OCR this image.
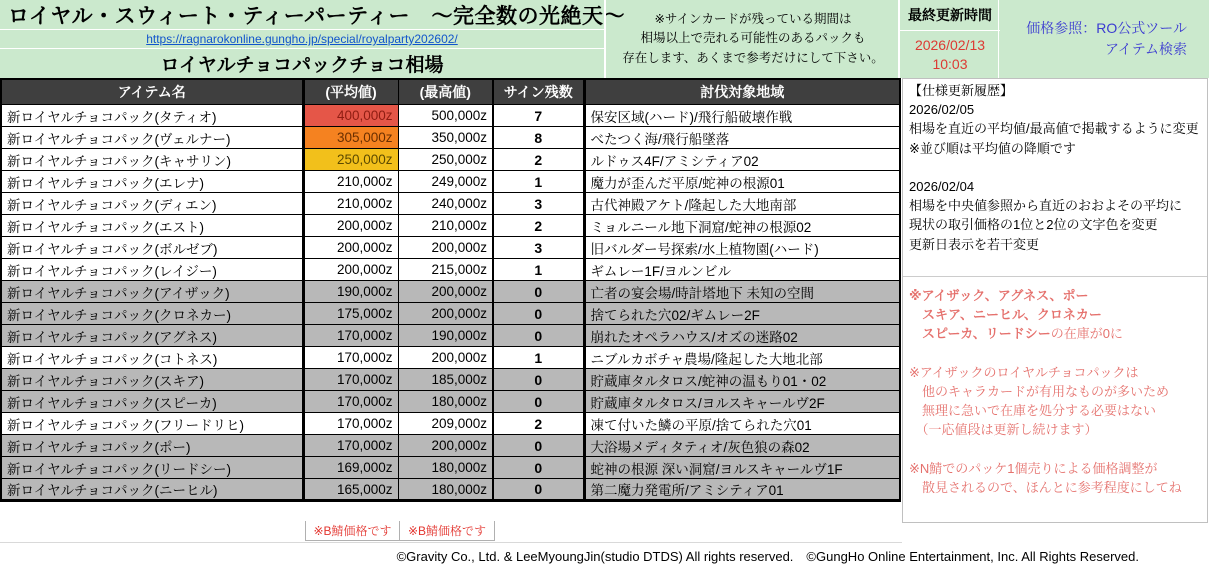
ロイヤル・スウィート・ティーパーティー　〜完全数の光絶天〜
https://ragnarokonline.gungho.jp/special/royalparty202602/
ロイヤルチョコパックチョコ相場
※サインカードが残っている期間は
相場以上で売れる可能性のあるパックも
存在します、あくまで参考だけにして下さい。
最終更新時間
2026/02/13
10:03
価格参照：RO公式ツール
アイテム検索
アイテム名	(平均値)	(最高値)	サイン残数	討伐対象地域
新ロイヤルチョコパック(タティオ)	400,000z	500,000z	7	保安区域(ハード)/飛行船破壊作戦
新ロイヤルチョコパック(ヴェルナー)	305,000z	350,000z	8	べたつく海/飛行船墜落
新ロイヤルチョコパック(キャサリン)	250,000z	250,000z	2	ルドゥス4F/アミシティア02
新ロイヤルチョコパック(エレナ)	210,000z	249,000z	1	魔力が歪んだ平原/蛇神の根源01
新ロイヤルチョコパック(ディエン)	210,000z	240,000z	3	古代神殿アケト/隆起した大地南部
新ロイヤルチョコパック(エスト)	200,000z	210,000z	2	ミョルニール地下洞窟/蛇神の根源02
新ロイヤルチョコパック(ボルゼブ)	200,000z	200,000z	3	旧バルダー号探索/水上植物園(ハード)
新ロイヤルチョコパック(レイジー)	200,000z	215,000z	1	ギムレー1F/ヨルンビル
新ロイヤルチョコパック(アイザック)	190,000z	200,000z	0	亡者の宴会場/時計塔地下 未知の空間
新ロイヤルチョコパック(クロネカー)	175,000z	200,000z	0	捨てられた穴02/ギムレー2F
新ロイヤルチョコパック(アグネス)	170,000z	190,000z	0	崩れたオペラハウス/オズの迷路02
新ロイヤルチョコパック(コトネス)	170,000z	200,000z	1	ニブルカボチャ農場/隆起した大地北部
新ロイヤルチョコパック(スキア)	170,000z	185,000z	0	貯蔵庫タルタロス/蛇神の温もり01・02
新ロイヤルチョコパック(スピーカ)	170,000z	180,000z	0	貯蔵庫タルタロス/ヨルスキャールヴ2F
新ロイヤルチョコパック(フリードリヒ)	170,000z	209,000z	2	凍て付いた鱗の平原/捨てられた穴01
新ロイヤルチョコパック(ポー)	170,000z	200,000z	0	大浴場メディタティオ/灰色狼の森02
新ロイヤルチョコパック(リードシー)	169,000z	180,000z	0	蛇神の根源 深い洞窟/ヨルスキャールヴ1F
新ロイヤルチョコパック(ニーヒル)	165,000z	180,000z	0	第二魔力発電所/アミシティア01
※B鯖価格です	※B鯖価格です
【仕様更新履歴】
2026/02/05
相場を直近の平均値/最高値で掲載するように変更
※並び順は平均値の降順です
2026/02/04
相場を中央値参照から直近のおおよその平均に
現状の取引価格の1位と2位の文字色を変更
更新日表示を若干変更
※アイザック、アグネス、ポー
　スキア、ニーヒル、クロネカー
　スピーカ、リードシーの在庫が0に
※アイザックのロイヤルチョコパックは
　他のキャラカードが有用なものが多いため
　無理に急いで在庫を処分する必要はない
　（一応値段は更新し続けます）
※N鯖でのパッケ1個売りによる価格調整が
　散見されるので、ほんとに参考程度にしてね
©Gravity Co., Ltd. & LeeMyoungJin(studio DTDS) All rights reserved.　©GungHo Online Entertainment, Inc. All Rights Reserved.
